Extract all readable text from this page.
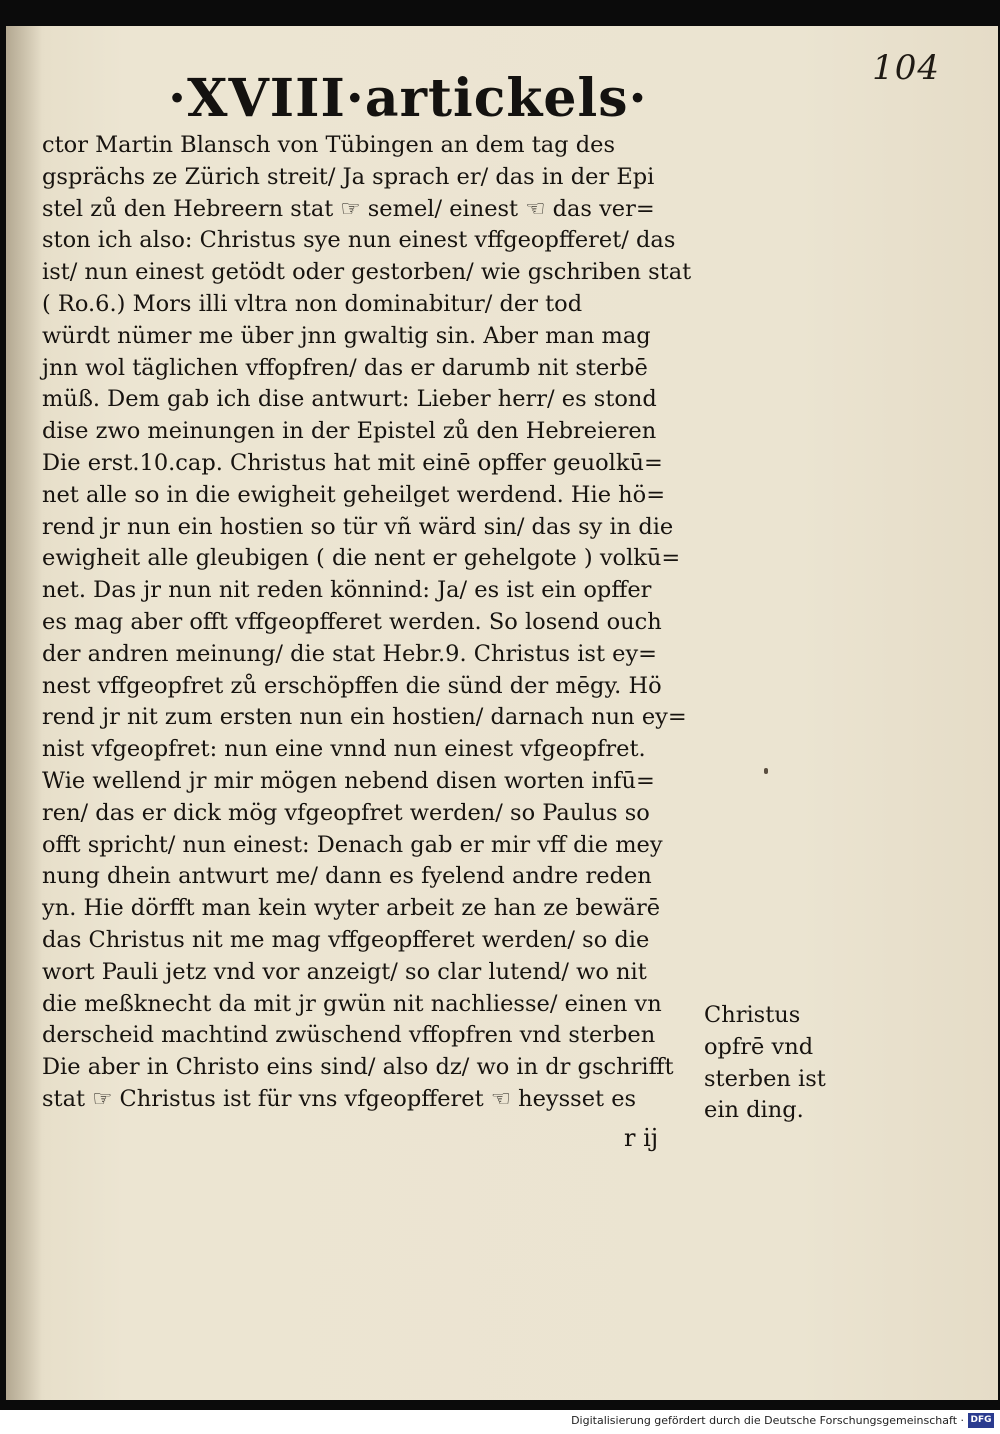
104
·XVIII·artickels·
ctor Martin Blansch von Tübingen an dem tag des
gsprächs ze Zürich streit/ Ja sprach er/ das in der Epi
stel zů den Hebreern stat ☞ semel/ einest ☜ das ver=
ston ich also: Christus sye nun einest vffgeopfferet/ das
ist/ nun einest getödt oder gestorben/ wie gschriben stat
( Ro.6.) Mors illi vltra non dominabitur/ der tod
würdt nümer me über jnn gwaltig sin. Aber man mag
jnn wol täglichen vffopfren/ das er darumb nit sterbē
müß. Dem gab ich dise antwurt: Lieber herr/ es stond
dise zwo meinungen in der Epistel zů den Hebreieren
Die erst.10.cap. Christus hat mit einē opffer geuolkū=
net alle so in die ewigheit geheilget werdend. Hie hö=
rend jr nun ein hostien so tür vñ wärd sin/ das sy in die
ewigheit alle gleubigen ( die nent er gehelgote ) volkū=
net. Das jr nun nit reden könnind: Ja/ es ist ein opffer
es mag aber offt vffgeopfferet werden. So losend ouch
der andren meinung/ die stat Hebr.9. Christus ist ey=
nest vffgeopfret zů erschöpffen die sünd der mēgy. Hö
rend jr nit zum ersten nun ein hostien/ darnach nun ey=
nist vfgeopfret: nun eine vnnd nun einest vfgeopfret.
Wie wellend jr mir mögen nebend disen worten infū=
ren/ das er dick mög vfgeopfret werden/ so Paulus so
offt spricht/ nun einest: Denach gab er mir vff die mey
nung dhein antwurt me/ dann es fyelend andre reden
yn. Hie dörfft man kein wyter arbeit ze han ze bewärē
das Christus nit me mag vffgeopfferet werden/ so die
wort Pauli jetz vnd vor anzeigt/ so clar lutend/ wo nit
die meßknecht da mit jr gwün nit nachliesse/ einen vn
derscheid machtind zwüschend vffopfren vnd sterben
Die aber in Christo eins sind/ also dz/ wo in dr gschrifft
stat ☞ Christus ist für vns vfgeopfferet ☜ heysset es
Christus
opfrē vnd
sterben ist
ein ding.
r ij
Digitalisierung gefördert durch die Deutsche Forschungsgemeinschaft · DFG
